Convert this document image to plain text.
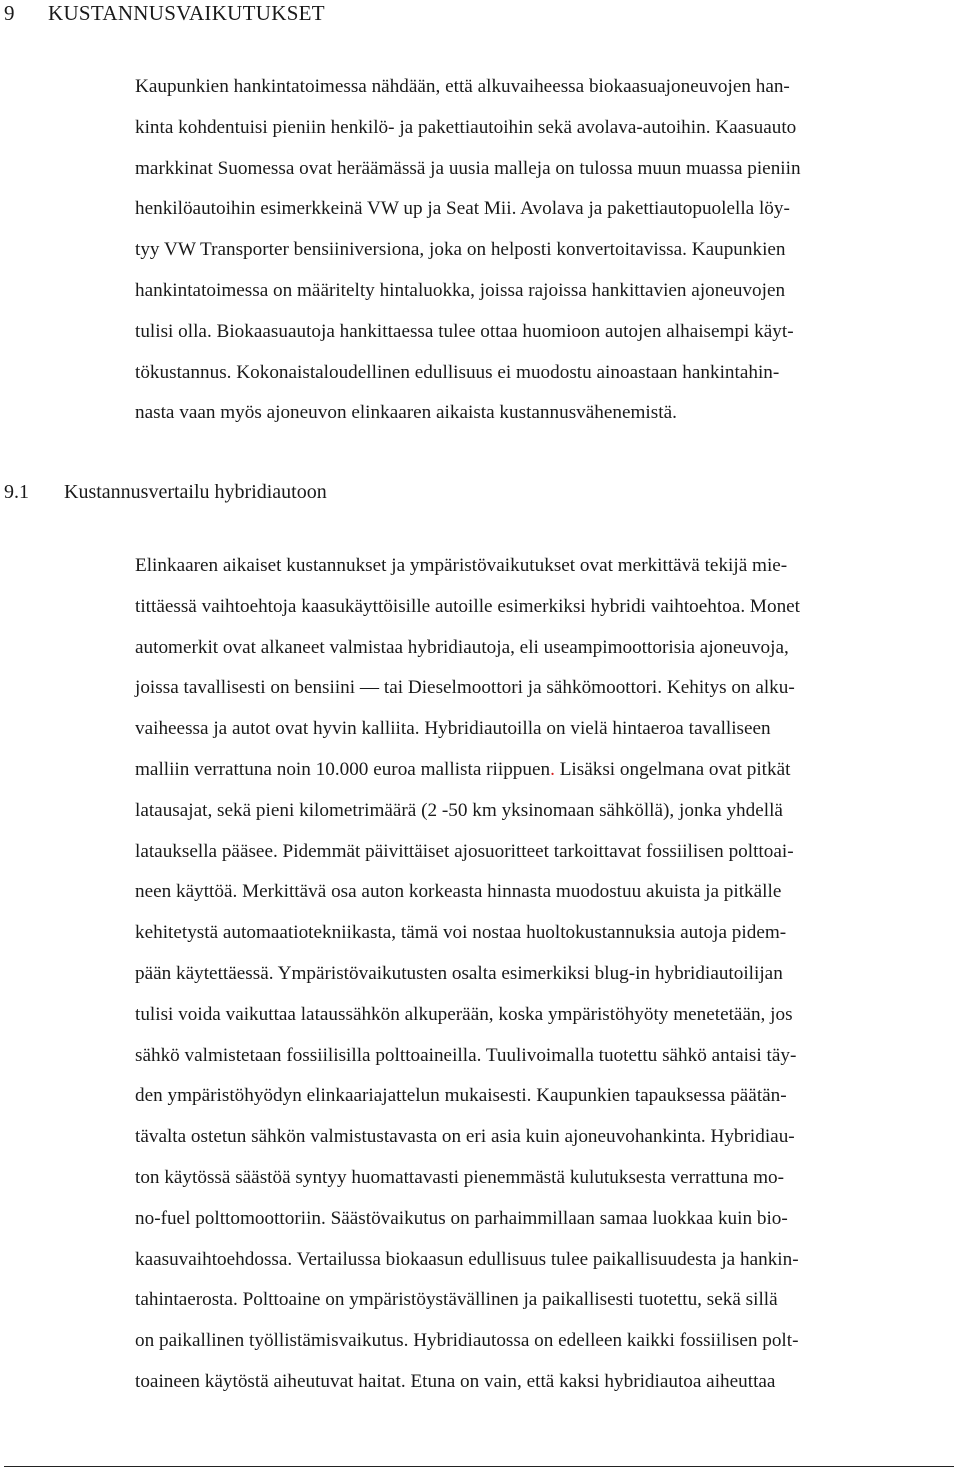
9 KUSTANNUSVAIKUTUKSET
Kaupunkien hankintatoimessa nähdään, että alkuvaiheessa biokaasuajoneuvojen han-
kinta kohdentuisi pieniin henkilö- ja pakettiautoihin sekä avolava-autoihin. Kaasuauto
markkinat Suomessa ovat heräämässä ja uusia malleja on tulossa muun muassa pieniin
henkilöautoihin esimerkkeinä VW up ja Seat Mii. Avolava ja pakettiautopuolella löy-
tyy VW Transporter bensiiniversiona, joka on helposti konvertoitavissa. Kaupunkien
hankintatoimessa on määritelty hintaluokka, joissa rajoissa hankittavien ajoneuvojen
tulisi olla. Biokaasuautoja hankittaessa tulee ottaa huomioon autojen alhaisempi käyt-
tökustannus. Kokonaistaloudellinen edullisuus ei muodostu ainoastaan hankintahin-
nasta vaan myös ajoneuvon elinkaaren aikaista kustannusvähenemistä.
9.1 Kustannusvertailu hybridiautoon
Elinkaaren aikaiset kustannukset ja ympäristövaikutukset ovat merkittävä tekijä mie-
tittäessä vaihtoehtoja kaasukäyttöisille autoille esimerkiksi hybridi vaihtoehtoa. Monet
automerkit ovat alkaneet valmistaa hybridiautoja, eli useampimoottorisia ajoneuvoja,
joissa tavallisesti on bensiini — tai Dieselmoottori ja sähkömoottori. Kehitys on alku-
vaiheessa ja autot ovat hyvin kalliita. Hybridiautoilla on vielä hintaeroa tavalliseen
malliin verrattuna noin 10.000 euroa mallista riippuen. Lisäksi ongelmana ovat pitkät
latausajat, sekä pieni kilometrimäärä (2 -50 km yksinomaan sähköllä), jonka yhdellä
latauksella pääsee. Pidemmät päivittäiset ajosuoritteet tarkoittavat fossiilisen polttoai-
neen käyttöä. Merkittävä osa auton korkeasta hinnasta muodostuu akuista ja pitkälle
kehitetystä automaatiotekniikasta, tämä voi nostaa huoltokustannuksia autoja pidem-
pään käytettäessä. Ympäristövaikutusten osalta esimerkiksi blug-in hybridiautoilijan
tulisi voida vaikuttaa lataussähkön alkuperään, koska ympäristöhyöty menetetään, jos
sähkö valmistetaan fossiilisilla polttoaineilla. Tuulivoimalla tuotettu sähkö antaisi täy-
den ympäristöhyödyn elinkaariajattelun mukaisesti. Kaupunkien tapauksessa päätän-
tävalta ostetun sähkön valmistustavasta on eri asia kuin ajoneuvohankinta. Hybridiau-
ton käytössä säästöä syntyy huomattavasti pienemmästä kulutuksesta verrattuna mo-
no-fuel polttomoottoriin. Säästövaikutus on parhaimmillaan samaa luokkaa kuin bio-
kaasuvaihtoehdossa. Vertailussa biokaasun edullisuus tulee paikallisuudesta ja hankin-
tahintaerosta. Polttoaine on ympäristöystävällinen ja paikallisesti tuotettu, sekä sillä
on paikallinen työllistämisvaikutus. Hybridiautossa on edelleen kaikki fossiilisen polt-
toaineen käytöstä aiheutuvat haitat. Etuna on vain, että kaksi hybridiautoa aiheuttaa
